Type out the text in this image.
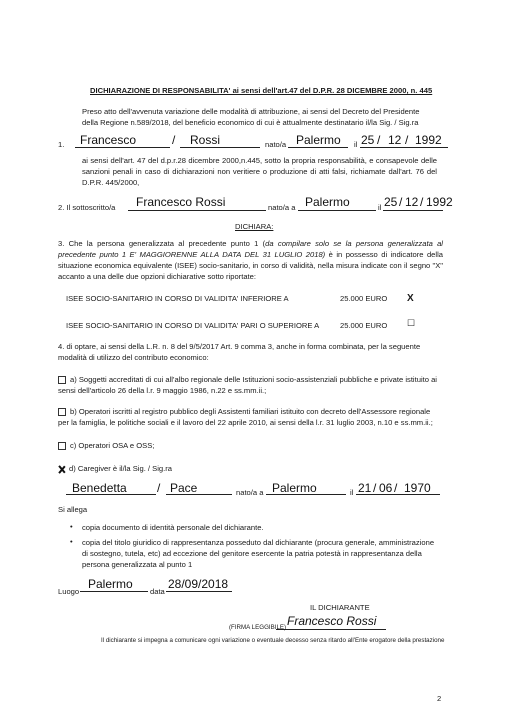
DICHIARAZIONE DI RESPONSABILITA' ai sensi dell'art.47 del D.P.R. 28 DICEMBRE 2000, n. 445
Preso atto dell'avvenuta variazione delle modalità di attribuzione, ai sensi del Decreto del Presidente della Regione n.589/2018, del beneficio economico di cui è attualmente destinatario il/la Sig. / Sig.ra
1. Francesco	/ Rossi	nato/a Palermo il 25 / 12 / 1992
ai sensi dell'art. 47 del d.p.r.28 dicembre 2000,n.445, sotto la propria responsabilità, e consapevole delle sanzioni penali in caso di dichiarazioni non veritiere o produzione di atti falsi, richiamate dall'art. 76 del D.P.R. 445/2000,
2. Il sottoscritto/a Francesco Rossi	nato/a a Palermo	il 25 / 12 / 1992
DICHIARA:
3. Che la persona generalizzata al precedente punto 1 (da compilare solo se la persona generalizzata al precedente punto 1 E' MAGGIORENNE ALLA DATA DEL 31 LUGLIO 2018) è in possesso di indicatore della situazione economica equivalente (ISEE) socio-sanitario, in corso di validità, nella misura indicate con il segno "X" accanto a una delle due opzioni dichiarative sotto riportate:
ISEE SOCIO-SANITARIO IN CORSO DI VALIDITA' INFERIORE A	25.000 EURO X
ISEE SOCIO-SANITARIO IN CORSO DI VALIDITA' PARI O SUPERIORE A	25.000 EURO ☐
4. di optare, ai sensi della L.R. n. 8 del 9/5/2017 Art. 9 comma 3, anche in forma combinata, per la seguente modalità di utilizzo del contributo economico:
a) Soggetti accreditati di cui all'albo regionale delle Istituzioni socio-assistenziali pubbliche e private istituito ai sensi dell'articolo 26 della l.r. 9 maggio 1986, n.22 e ss.mm.ii.;
b) Operatori iscritti al registro pubblico degli Assistenti familiari istituito con decreto dell'Assessore regionale per la famiglia, le politiche sociali e il lavoro del 22 aprile 2010, ai sensi della l.r. 31 luglio 2003, n.10 e ss.mm.ii.;
c) Operatori OSA e OSS;
d) Caregiver è il/la Sig. / Sig.ra
Benedetta	/ Pace	nato/a a Palermo	il 21 / 06 / 1970
Si allega
• copia documento di identità personale del dichiarante.
• copia del titolo giuridico di rappresentanza posseduto dal dichiarante (procura generale, amministrazione di sostegno, tutela, etc) ad eccezione del genitore esercente la patria potestà in rappresentanza della persona generalizzata al punto 1
Luogo
Palermo
data
28/09/2018
IL DICHIARANTE
(FIRMA LEGGIBILE) Francesco Rossi
Il dichiarante si impegna a comunicare ogni variazione o eventuale decesso senza ritardo all'Ente erogatore della prestazione
2
